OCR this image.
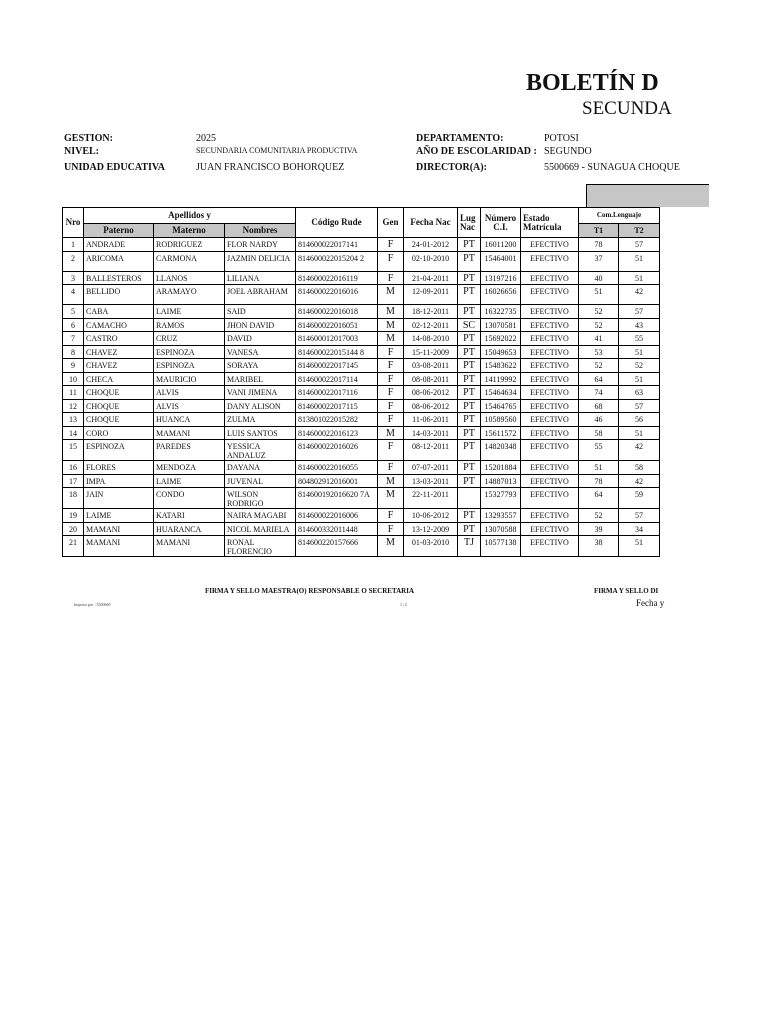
BOLETÍN D
SECUNDA
GESTION:	2025
NIVEL:	SECUNDARIA COMUNITARIA PRODUCTIVA
UNIDAD EDUCATIVA	JUAN FRANCISCO BOHORQUEZ
DEPARTAMENTO:	POTOSI
AÑO DE ESCOLARIDAD : SEGUNDO
DIRECTOR(A):	5500669 - SUNAGUA CHOQUE
Nro	Apellidos y			Código Rude	Gen	Fecha Nac	Lug Nac	Número C.I.	Estado Matrícula	Com.Lenguaje	
	Paterno	Materno	Nombres							T1	T2
1	ANDRADE	RODRIGUEZ	FLOR NARDY	814600022017141	F	24-01-2012	PT	16011200	EFECTIVO	78	57
2	ARICOMA	CARMONA	JAZMIN DELICIA	814600022015204 2	F	02-10-2010	PT	15464001	EFECTIVO	37	51
3	BALLESTEROS	LLANOS	LILIANA	814600022016119	F	21-04-2011	PT	13197216	EFECTIVO	40	51
4	BELLIDO	ARAMAYO	JOEL ABRAHAM	814600022016016	M	12-09-2011	PT	16026656	EFECTIVO	51	42
5	CABA	LAIME	SAID	814600022016018	M	18-12-2011	PT	16322735	EFECTIVO	52	57
6	CAMACHO	RAMOS	JHON DAVID	814600022016051	M	02-12-2011	SC	13070581	EFECTIVO	52	43
7	CASTRO	CRUZ	DAVID	814600012017003	M	14-08-2010	PT	15692022	EFECTIVO	41	55
8	CHAVEZ	ESPINOZA	VANESA	814600022015144 8	F	15-11-2009	PT	15049653	EFECTIVO	53	51
9	CHAVEZ	ESPINOZA	SORAYA	814600022017145	F	03-08-2011	PT	15483622	EFECTIVO	52	52
10	CHECA	MAURICIO	MARIBEL	814600022017114	F	08-08-2011	PT	14119992	EFECTIVO	64	51
11	CHOQUE	ALVIS	VANI JIMENA	814600022017116	F	08-06-2012	PT	15464634	EFECTIVO	74	63
12	CHOQUE	ALVIS	DANY ALISON	814600022017115	F	08-06-2012	PT	15464765	EFECTIVO	68	57
13	CHOQUE	HUANCA	ZULMA	813801022015282	F	11-06-2011	PT	10589560	EFECTIVO	46	56
14	CORO	MAMANI	LUIS SANTOS	814600022016123	M	14-03-2011	PT	15611572	EFECTIVO	58	51
15	ESPINOZA	PAREDES	YESSICA ANDALUZ	814600022016026	F	08-12-2011	PT	14820348	EFECTIVO	55	42
16	FLORES	MENDOZA	DAYANA	814600022016055	F	07-07-2011	PT	15201884	EFECTIVO	51	58
17	IMPA	LAIME	JUVENAL	804802912016001	M	13-03-2011	PT	14887013	EFECTIVO	78	42
18	JAIN	CONDO	WILSON RODRIGO	814600192016620 7A	M	22-11-2011		15327793	EFECTIVO	64	59
19	LAIME	KATARI	NAIRA MAGABI	814600022016006	F	10-06-2012	PT	13293557	EFECTIVO	52	57
20	MAMANI	HUARANCA	NICOL MARIELA	814600332011448	F	13-12-2009	PT	13070588	EFECTIVO	39	34
21	MAMANI	MAMANI	RONAL FLORENCIO	814600220157666	M	01-03-2010	TJ	10577138	EFECTIVO	38	51
FIRMA Y SELLO MAESTRA(O) RESPONSABLE O SECRETARIA	FIRMA Y SELLO DI
Fecha y
Impreso por : 5500669	1 | 2
